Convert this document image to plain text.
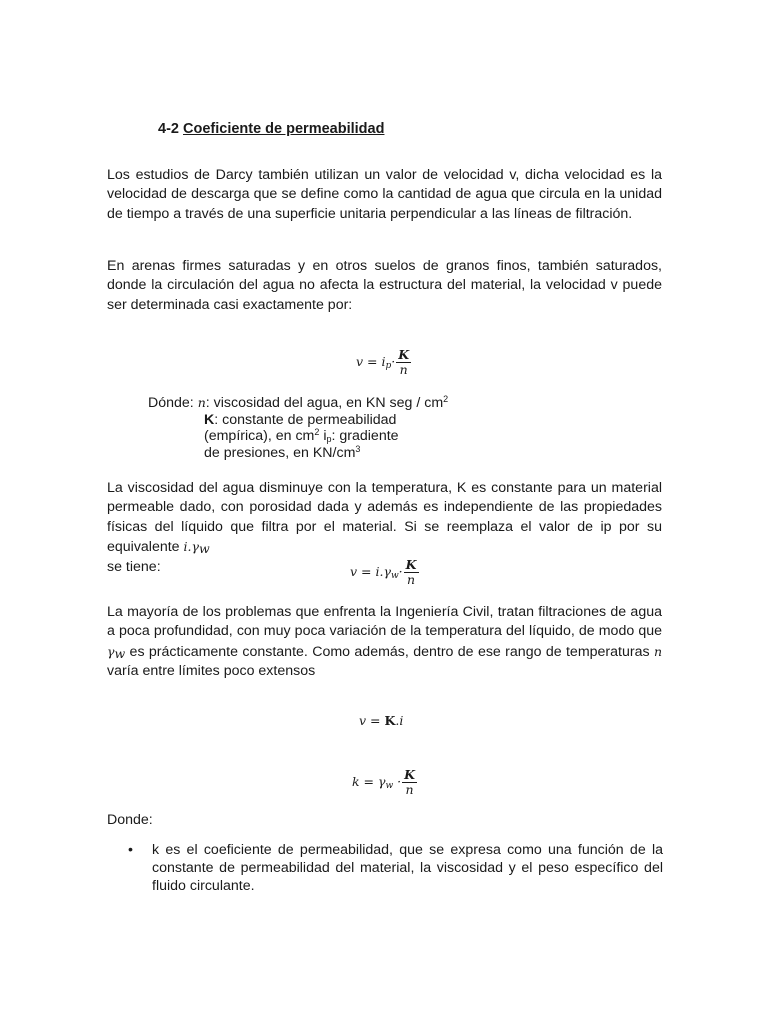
4-2 Coeficiente de permeabilidad
Los estudios de Darcy también utilizan un valor de velocidad v, dicha velocidad es la velocidad de descarga que se define como la cantidad de agua que circula en la unidad de tiempo a través de una superficie unitaria perpendicular a las líneas de filtración.
En arenas firmes saturadas y en otros suelos de granos finos, también saturados, donde la circulación del agua no afecta la estructura del material, la velocidad v puede ser determinada casi exactamente por:
$v = i_p\cdot \frac{K}{n}$
Dónde: n: viscosidad del agua, en KN seg / $cm^2$
K: constante de permeabilidad
(empírica), en $cm^2$ $i_p$: gradiente
de presiones, en $KN/cm^3$
La viscosidad del agua disminuye con la temperatura, K es constante para un material permeable dado, con porosidad dada y además es independiente de las propiedades físicas del líquido que filtra por el material. Si se reemplaza el valor de ip por su equivalente $i.\gamma_w$
se tiene:	$v = i.\gamma_w\cdot \frac{K}{n}$
La mayoría de los problemas que enfrenta la Ingeniería Civil, tratan filtraciones de agua a poca profundidad, con muy poca variación de la temperatura del líquido, de modo que $\gamma_w$ es prácticamente constante. Como además, dentro de ese rango de temperaturas n varía entre límites poco extensos
v = K.i
$k = \gamma_w \cdot \frac{K}{n}$
Donde:
• k es el coeficiente de permeabilidad, que se expresa como una función de la constante de permeabilidad del material, la viscosidad y el peso específico del fluido circulante.
